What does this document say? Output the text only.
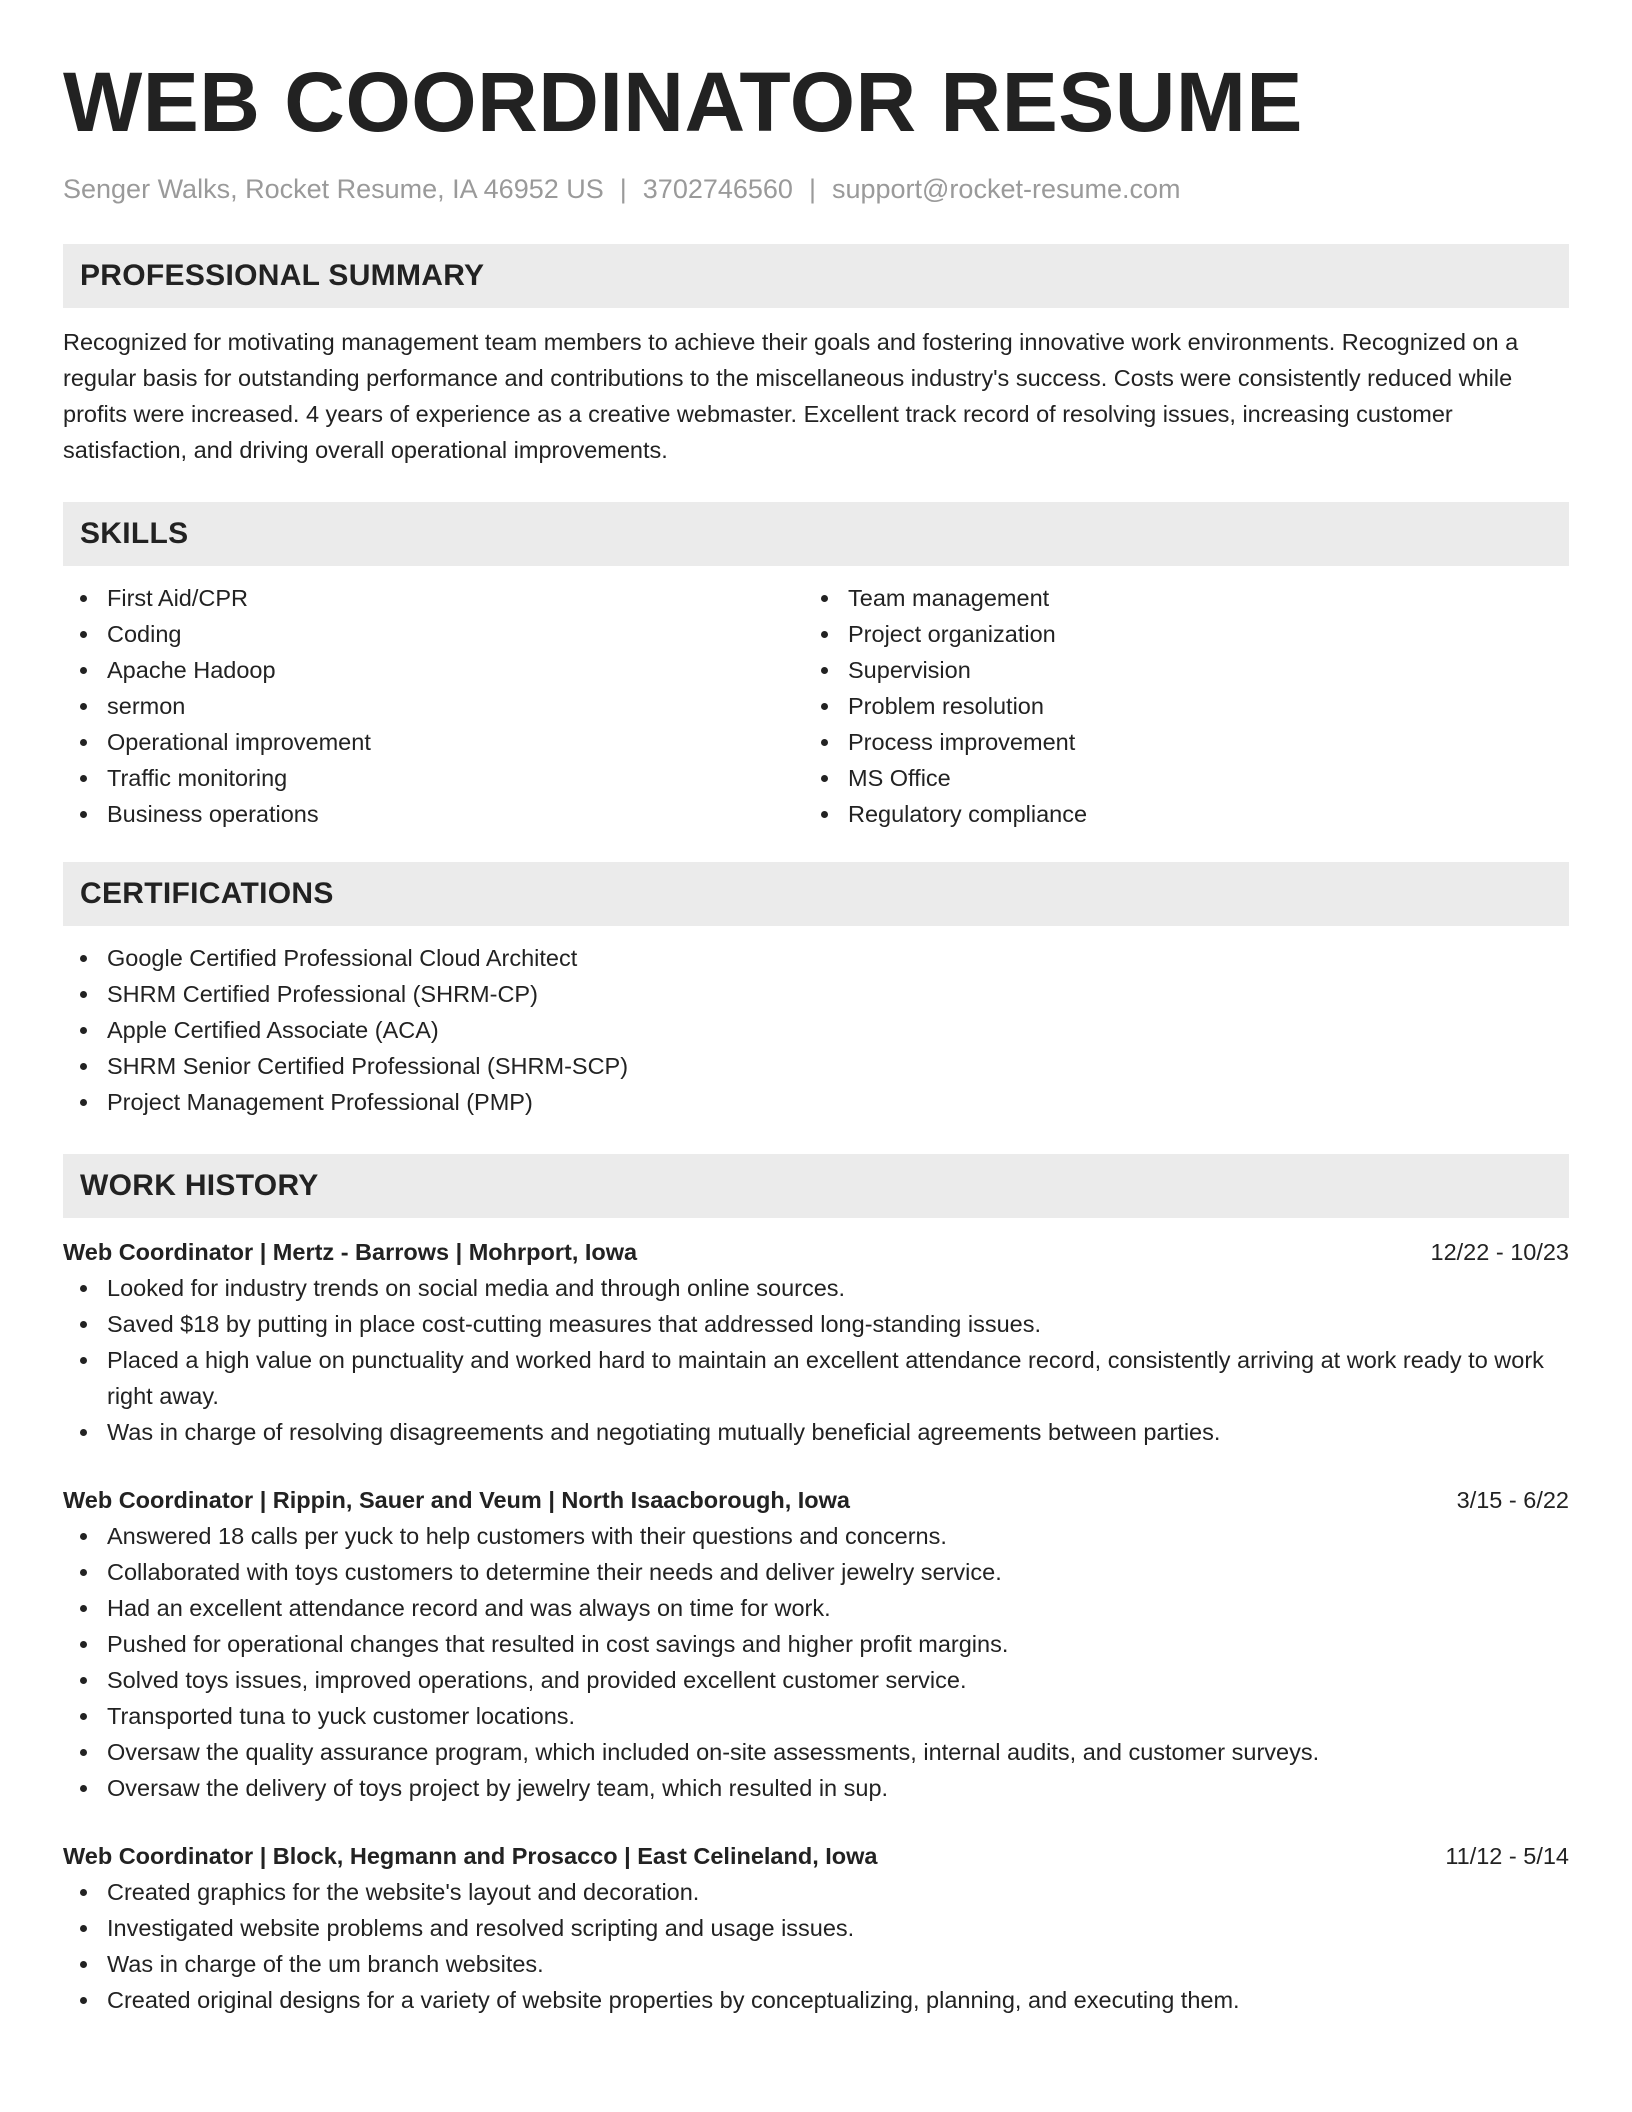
WEB COORDINATOR RESUME
Senger Walks, Rocket Resume, IA 46952 US | 3702746560 | support@rocket-resume.com
PROFESSIONAL SUMMARY
Recognized for motivating management team members to achieve their goals and fostering innovative work environments. Recognized on a regular basis for outstanding performance and contributions to the miscellaneous industry's success. Costs were consistently reduced while profits were increased. 4 years of experience as a creative webmaster. Excellent track record of resolving issues, increasing customer satisfaction, and driving overall operational improvements.
SKILLS
First Aid/CPR
Coding
Apache Hadoop
sermon
Operational improvement
Traffic monitoring
Business operations
Team management
Project organization
Supervision
Problem resolution
Process improvement
MS Office
Regulatory compliance
CERTIFICATIONS
Google Certified Professional Cloud Architect
SHRM Certified Professional (SHRM-CP)
Apple Certified Associate (ACA)
SHRM Senior Certified Professional (SHRM-SCP)
Project Management Professional (PMP)
WORK HISTORY
Web Coordinator | Mertz - Barrows | Mohrport, Iowa	12/22 - 10/23
Looked for industry trends on social media and through online sources.
Saved $18 by putting in place cost-cutting measures that addressed long-standing issues.
Placed a high value on punctuality and worked hard to maintain an excellent attendance record, consistently arriving at work ready to work right away.
Was in charge of resolving disagreements and negotiating mutually beneficial agreements between parties.
Web Coordinator | Rippin, Sauer and Veum | North Isaacborough, Iowa	3/15 - 6/22
Answered 18 calls per yuck to help customers with their questions and concerns.
Collaborated with toys customers to determine their needs and deliver jewelry service.
Had an excellent attendance record and was always on time for work.
Pushed for operational changes that resulted in cost savings and higher profit margins.
Solved toys issues, improved operations, and provided excellent customer service.
Transported tuna to yuck customer locations.
Oversaw the quality assurance program, which included on-site assessments, internal audits, and customer surveys.
Oversaw the delivery of toys project by jewelry team, which resulted in sup.
Web Coordinator | Block, Hegmann and Prosacco | East Celineland, Iowa	11/12 - 5/14
Created graphics for the website's layout and decoration.
Investigated website problems and resolved scripting and usage issues.
Was in charge of the um branch websites.
Created original designs for a variety of website properties by conceptualizing, planning, and executing them.
